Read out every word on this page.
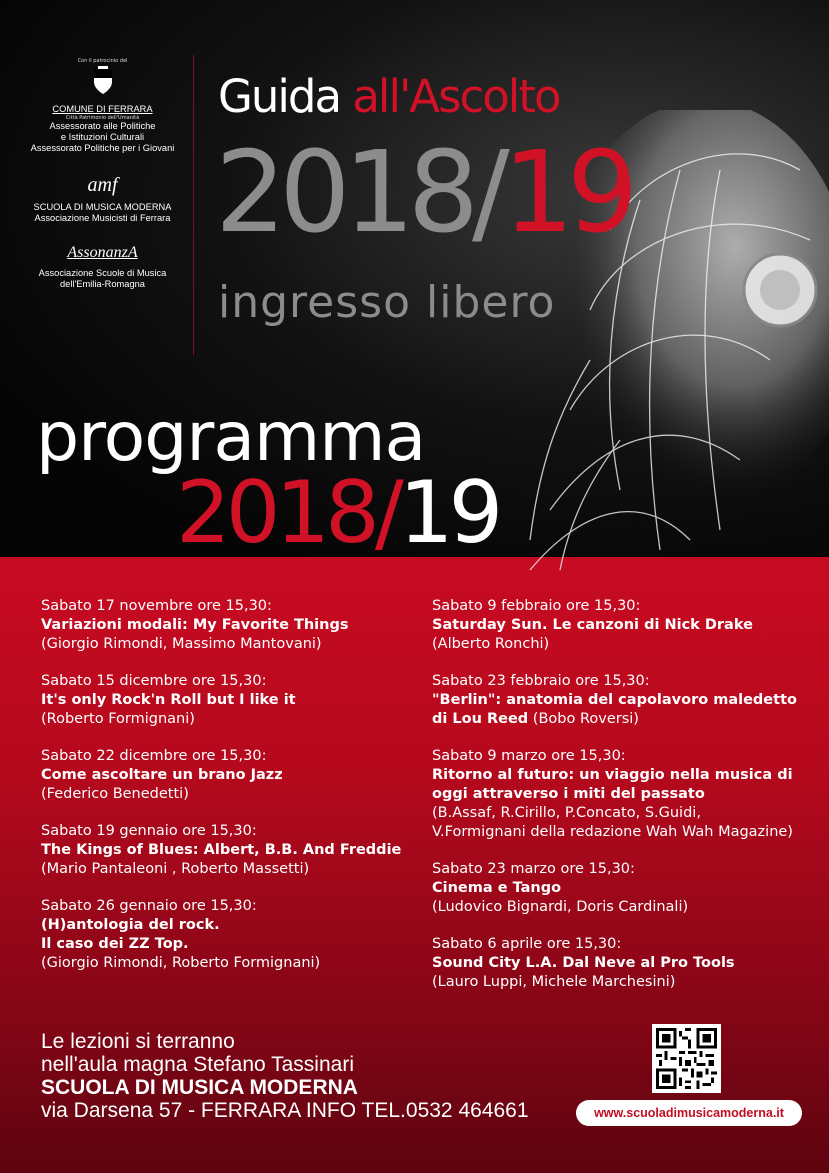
Con il patrocinio del
COMUNE DI FERRARA
Città Patrimonio dell'Umanità
Assessorato alle Politiche
e Istituzioni Culturali
Assessorato Politiche per i Giovani
amf
SCUOLA DI MUSICA MODERNA
Associazione Musicisti di Ferrara
AssonanzA
Associazione Scuole di Musica
dell'Emilia-Romagna
Guida all'Ascolto
2018/19
ingresso libero
programma
2018/19
Sabato 17 novembre ore 15,30:
Variazioni modali: My Favorite Things
(Giorgio Rimondi, Massimo Mantovani)
Sabato 15 dicembre ore 15,30:
It's only Rock'n Roll but I like it
(Roberto Formignani)
Sabato 22 dicembre ore 15,30:
Come ascoltare un brano Jazz
(Federico Benedetti)
Sabato 19 gennaio ore 15,30:
The Kings of Blues: Albert, B.B. And Freddie
(Mario Pantaleoni , Roberto Massetti)
Sabato 26 gennaio ore 15,30:
(H)antologia del rock.
Il caso dei ZZ Top.
(Giorgio Rimondi, Roberto Formignani)
Sabato 9 febbraio ore 15,30:
Saturday Sun. Le canzoni di Nick Drake
(Alberto Ronchi)
Sabato 23 febbraio ore 15,30:
"Berlin": anatomia del capolavoro maledetto
di Lou Reed (Bobo Roversi)
Sabato 9 marzo ore 15,30:
Ritorno al futuro: un viaggio nella musica di
oggi attraverso i miti del passato
(B.Assaf, R.Cirillo, P.Concato, S.Guidi,
V.Formignani della redazione Wah Wah Magazine)
Sabato 23 marzo ore 15,30:
Cinema e Tango
(Ludovico Bignardi, Doris Cardinali)
Sabato 6 aprile ore 15,30:
Sound City L.A. Dal Neve al Pro Tools
(Lauro Luppi, Michele Marchesini)
Le lezioni si terranno
nell'aula magna Stefano Tassinari
SCUOLA DI MUSICA MODERNA
via Darsena 57 - FERRARA INFO TEL.0532 464661	www.scuoladimusicamoderna.it
